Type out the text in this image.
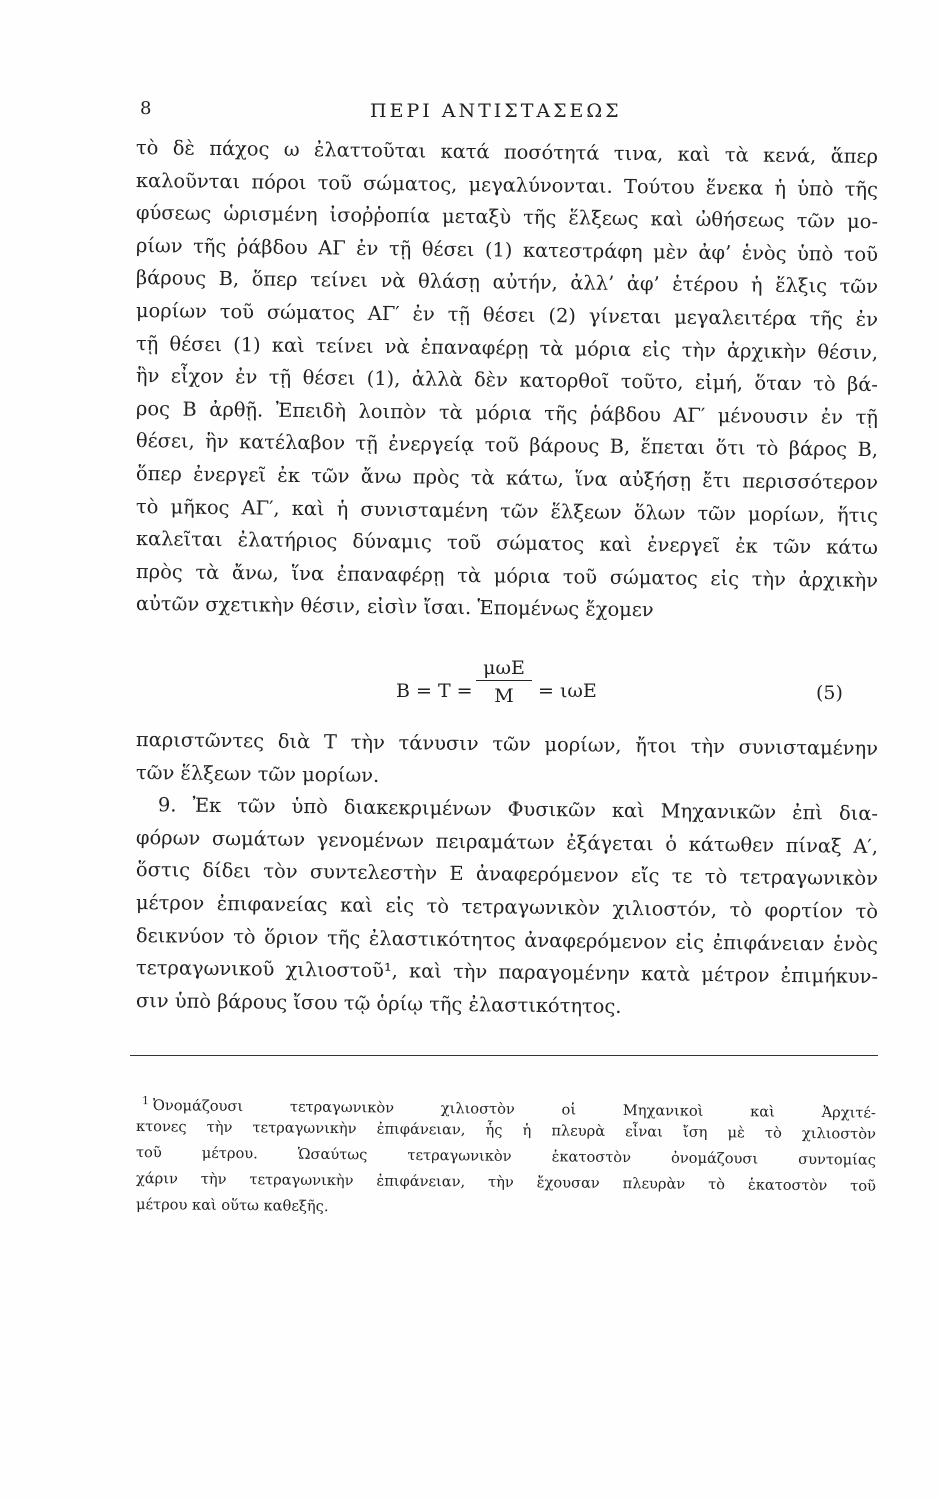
8	ΠΕΡΙ ΑΝΤΙΣΤΑΣΕΩΣ
τὸ δὲ πάχος ω ἐλαττοῦται κατά ποσότητά τινα, καὶ τὰ κενά, ἅπερ
καλοῦνται πόροι τοῦ σώματος, μεγαλύνονται. Τούτου ἕνεκα ἡ ὑπὸ τῆς
φύσεως ὡρισμένη ἰσοῤῥοπία μεταξὺ τῆς ἕλξεως καὶ ὠθήσεως τῶν μο-
ρίων τῆς ῥάβδου ΑΓ ἐν τῇ θέσει (1) κατεστράφη μὲν ἀφ’ ἑνὸς ὑπὸ τοῦ
βάρους Β, ὅπερ τείνει νὰ θλάσῃ αὐτήν, ἀλλ’ ἀφ’ ἑτέρου ἡ ἕλξις τῶν
μορίων τοῦ σώματος ΑΓ′ ἐν τῇ θέσει (2) γίνεται μεγαλειτέρα τῆς ἐν
τῇ θέσει (1) καὶ τείνει νὰ ἐπαναφέρῃ τὰ μόρια εἰς τὴν ἀρχικὴν θέσιν,
ἣν εἶχον ἐν τῇ θέσει (1), ἀλλὰ δὲν κατορθοῖ τοῦτο, εἰμή, ὅταν τὸ βά-
ρος Β ἀρθῇ. Ἐπειδὴ λοιπὸν τὰ μόρια τῆς ῥάβδου ΑΓ′ μένουσιν ἐν τῇ
θέσει, ἣν κατέλαβον τῇ ἐνεργείᾳ τοῦ βάρους Β, ἕπεται ὅτι τὸ βάρος Β,
ὅπερ ἐνεργεῖ ἐκ τῶν ἄνω πρὸς τὰ κάτω, ἵνα αὐξήσῃ ἔτι περισσότερον
τὸ μῆκος ΑΓ′, καὶ ἡ συνισταμένη τῶν ἕλξεων ὅλων τῶν μορίων, ἥτις
καλεῖται ἐλατήριος δύναμις τοῦ σώματος καὶ ἐνεργεῖ ἐκ τῶν κάτω
πρὸς τὰ ἄνω, ἵνα ἐπαναφέρῃ τὰ μόρια τοῦ σώματος εἰς τὴν ἀρχικὴν
αὐτῶν σχετικὴν θέσιν, εἰσὶν ἴσαι. Ἑπομένως ἔχομεν
B = T =
μωE
M	= ιωE	(5)
παριστῶντες διὰ Τ τὴν τάνυσιν τῶν μορίων, ἤτοι τὴν συνισταμένην
τῶν ἕλξεων τῶν μορίων.
9. Ἐκ τῶν ὑπὸ διακεκριμένων Φυσικῶν καὶ Μηχανικῶν ἐπὶ δια-
φόρων σωμάτων γενομένων πειραμάτων ἐξάγεται ὁ κάτωθεν πίναξ Α′,
ὅστις δίδει τὸν συντελεστὴν Ε ἀναφερόμενον εἴς τε τὸ τετραγωνικὸν
μέτρον ἐπιφανείας καὶ εἰς τὸ τετραγωνικὸν χιλιοστόν, τὸ φορτίον τὸ
δεικνύον τὸ ὅριον τῆς ἐλαστικότητος ἀναφερόμενον εἰς ἐπιφάνειαν ἑνὸς
τετραγωνικοῦ χιλιοστοῦ¹, καὶ τὴν παραγομένην κατὰ μέτρον ἐπιμήκυν-
σιν ὑπὸ βάρους ἴσου τῷ ὁρίῳ τῆς ἐλαστικότητος.
$^1$ Ὀνομάζουσι τετραγωνικὸν χιλιοστὸν οἱ Μηχανικοὶ καὶ Ἀρχιτέ-
κτονες τὴν τετραγωνικὴν ἐπιφάνειαν, ἧς ἡ πλευρὰ εἶναι ἴση μὲ τὸ χιλιοστὸν
τοῦ μέτρου. Ὡσαύτως τετραγωνικὸν ἑκατοστὸν ὀνομάζουσι συντομίας
χάριν τὴν τετραγωνικὴν ἐπιφάνειαν, τὴν ἔχουσαν πλευρὰν τὸ ἑκατοστὸν τοῦ
μέτρου καὶ οὕτω καθεξῆς.
